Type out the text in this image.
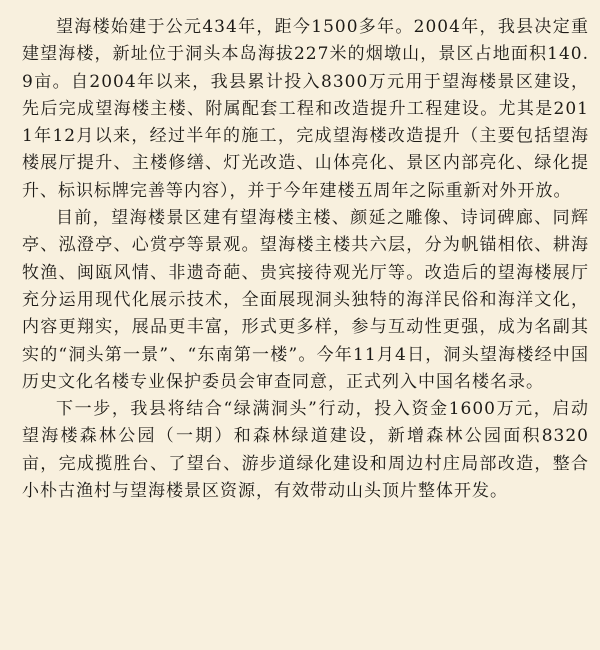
望海楼始建于公元434年，距今1500多年。2004年，我县决定重建望海楼，新址位于洞头本岛海拔227米的烟墩山，景区占地面积140.9亩。自2004年以来，我县累计投入8300万元用于望海楼景区建设，先后完成望海楼主楼、附属配套工程和改造提升工程建设。尤其是2011年12月以来，经过半年的施工，完成望海楼改造提升（主要包括望海楼展厅提升、主楼修缮、灯光改造、山体亮化、景区内部亮化、绿化提升、标识标牌完善等内容），并于今年建楼五周年之际重新对外开放。

目前，望海楼景区建有望海楼主楼、颜延之雕像、诗词碑廊、同辉亭、泓澄亭、心赏亭等景观。望海楼主楼共六层，分为帆锚相依、耕海牧渔、闽瓯风情、非遗奇葩、贵宾接待观光厅等。改造后的望海楼展厅充分运用现代化展示技术，全面展现洞头独特的海洋民俗和海洋文化，内容更翔实，展品更丰富，形式更多样，参与互动性更强，成为名副其实的“洞头第一景”、“东南第一楼”。今年11月4日，洞头望海楼经中国历史文化名楼专业保护委员会审查同意，正式列入中国名楼名录。

下一步，我县将结合“绿满洞头”行动，投入资金1600万元，启动望海楼森林公园（一期）和森林绿道建设，新增森林公园面积8320亩，完成揽胜台、了望台、游步道绿化建设和周边村庄局部改造，整合小朴古渔村与望海楼景区资源，有效带动山头顶片整体开发。
